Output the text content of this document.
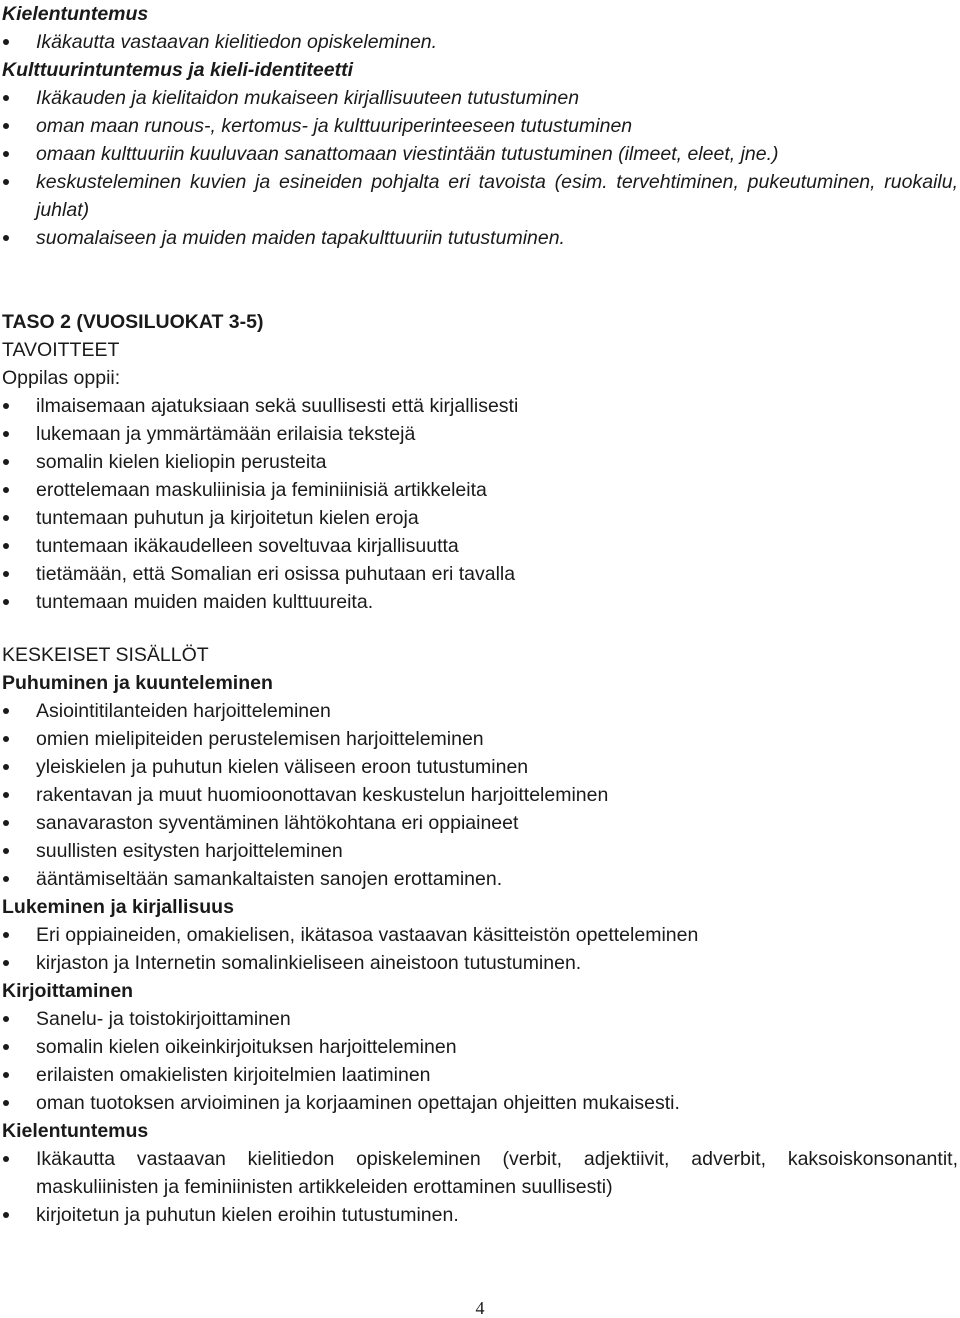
Kielentuntemus

Ikäkautta vastaavan kielitiedon opiskeleminen.

Kulttuurintuntemus ja kieli-identiteetti

Ikäkauden ja kielitaidon mukaiseen kirjallisuuteen tutustuminen
oman maan runous-, kertomus- ja kulttuuriperinteeseen tutustuminen
omaan kulttuuriin kuuluvaan sanattomaan viestintään tutustuminen (ilmeet, eleet, jne.)
keskusteleminen kuvien ja esineiden pohjalta eri tavoista (esim. tervehtiminen, pukeutuminen, ruokailu, juhlat)
suomalaiseen ja muiden maiden tapakulttuuriin tutustuminen.

TASO 2 (VUOSILUOKAT 3-5)

TAVOITTEET

Oppilas oppii:

ilmaisemaan ajatuksiaan sekä suullisesti että kirjallisesti
lukemaan ja ymmärtämään erilaisia tekstejä
somalin kielen kieliopin perusteita
erottelemaan maskuliinisia ja feminiinisiä artikkeleita
tuntemaan puhutun ja kirjoitetun kielen eroja
tuntemaan ikäkaudelleen soveltuvaa kirjallisuutta
tietämään, että Somalian eri osissa puhutaan eri tavalla
tuntemaan muiden maiden kulttuureita.

KESKEISET SISÄLLÖT

Puhuminen ja kuunteleminen

Asiointitilanteiden harjoitteleminen
omien mielipiteiden perustelemisen harjoitteleminen
yleiskielen ja puhutun kielen väliseen eroon tutustuminen
rakentavan ja muut huomioonottavan keskustelun harjoitteleminen
sanavaraston syventäminen lähtökohtana eri oppiaineet
suullisten esitysten harjoitteleminen
ääntämiseltään samankaltaisten sanojen erottaminen.

Lukeminen ja kirjallisuus

Eri oppiaineiden, omakielisen, ikätasoa vastaavan käsitteistön opetteleminen
kirjaston ja Internetin somalinkieliseen aineistoon tutustuminen.

Kirjoittaminen

Sanelu- ja toistokirjoittaminen
somalin kielen oikeinkirjoituksen harjoitteleminen
erilaisten omakielisten kirjoitelmien laatiminen
oman tuotoksen arvioiminen ja korjaaminen opettajan ohjeitten mukaisesti.

Kielentuntemus

Ikäkautta vastaavan kielitiedon opiskeleminen (verbit, adjektiivit, adverbit, kaksoiskonsonantit, maskuliinisten ja feminiinisten artikkeleiden erottaminen suullisesti)
kirjoitetun ja puhutun kielen eroihin tutustuminen.
4
